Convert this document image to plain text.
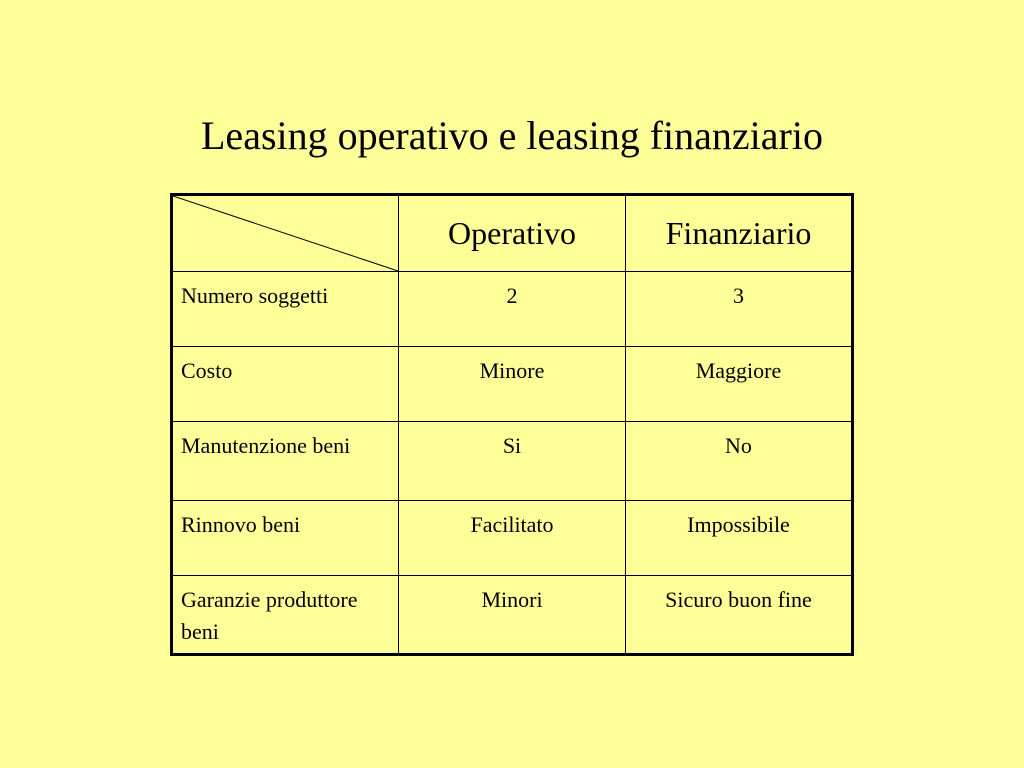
Leasing operativo e leasing finanziario
	Operativo	Finanziario
Numero soggetti	2	3
Costo	Minore	Maggiore
Manutenzione beni	Si	No
Rinnovo beni	Facilitato	Impossibile
Garanzie produttore beni	Minori	Sicuro buon fine
